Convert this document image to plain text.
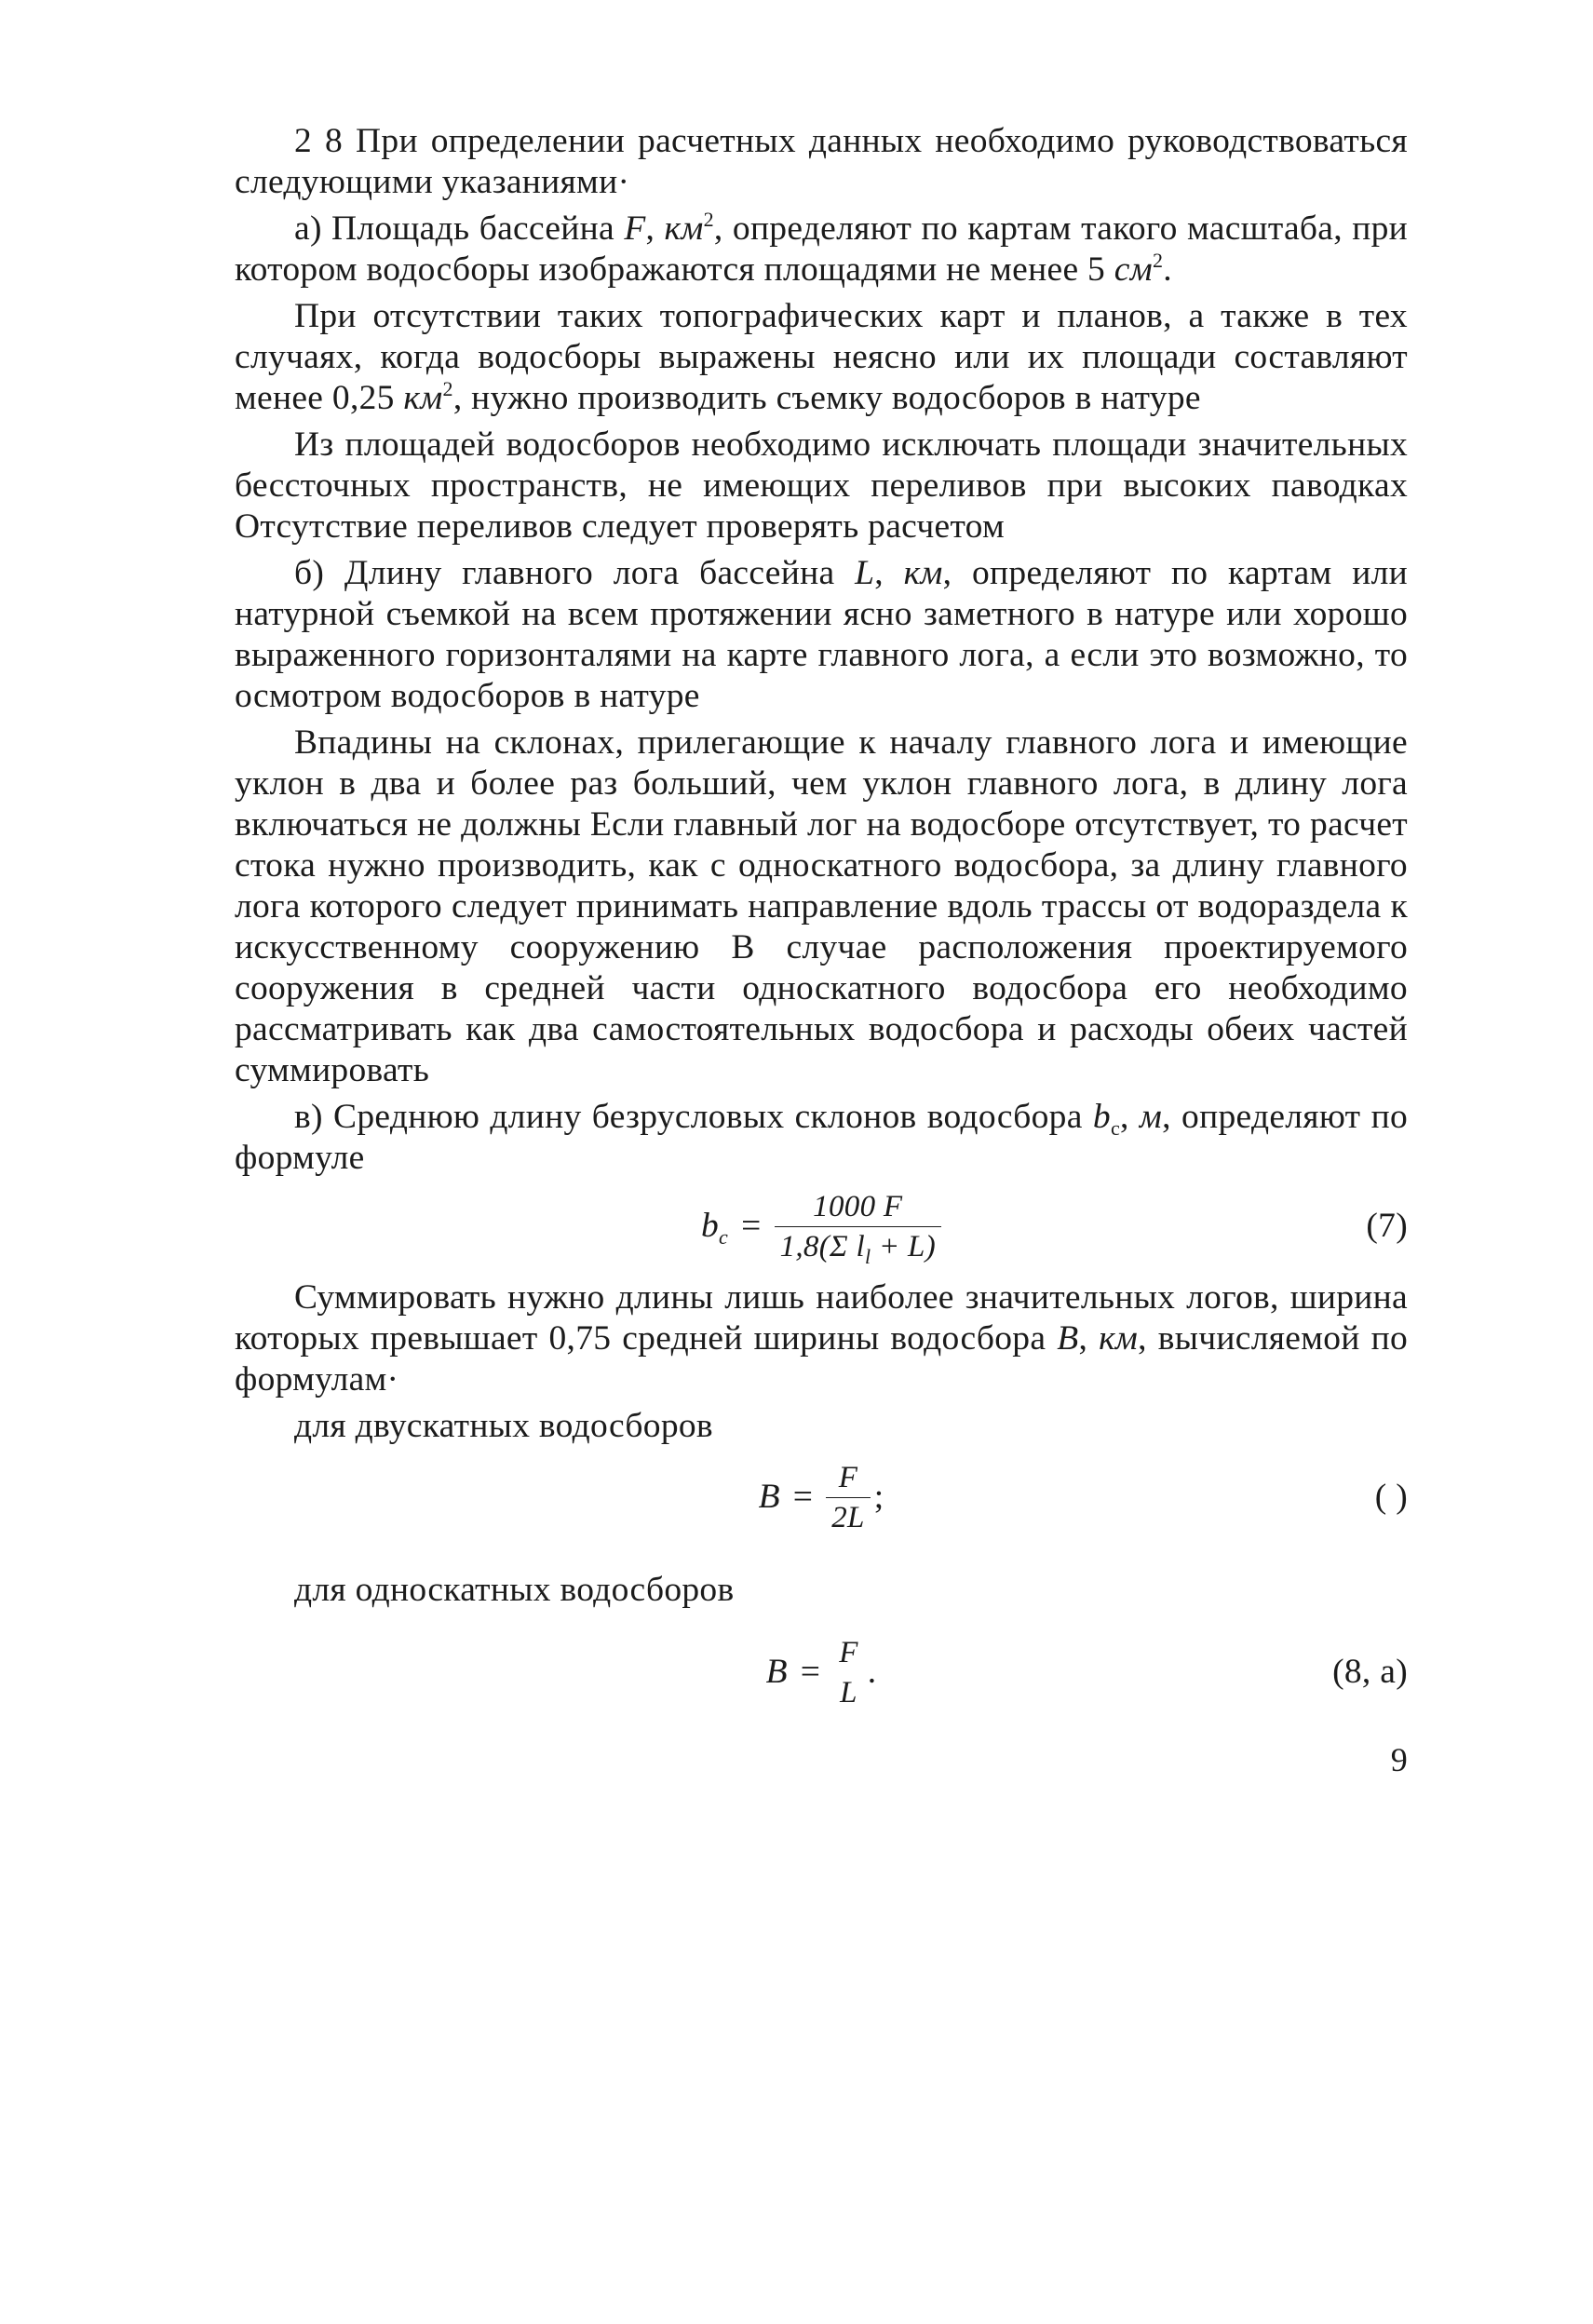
2 8 При определении расчетных данных необходимо руководствоваться следующими указаниями·

а) Площадь бассейна F, $км^2$, определяют по картам такого масштаба, при котором водосборы изображаются площадями не менее 5 $см^2$.

При отсутствии таких топографических карт и планов, а также в тех случаях, когда водосборы выражены неясно или их площади составляют менее 0,25 $км^2$, нужно производить съемку водосборов в натуре

Из площадей водосборов необходимо исключать площади значительных бессточных пространств, не имеющих переливов при высоких паводках Отсутствие переливов следует проверять расчетом

б) Длину главного лога бассейна L, км, определяют по картам или натурной съемкой на всем протяжении ясно заметного в натуре или хорошо выраженного горизонталями на карте главного лога, а если это возможно, то осмотром водосборов в натуре

Впадины на склонах, прилегающие к началу главного лога и имеющие уклон в два и более раз больший, чем уклон главного лога, в длину лога включаться не должны Если главный лог на водосборе отсутствует, то расчет стока нужно производить, как с односкатного водосбора, за длину главного лога которого следует принимать направление вдоль трассы от водораздела к искусственному сооружению В случае расположения проектируемого сооружения в средней части односкатного водосбора его необходимо рассматривать как два самостоятельных водосбора и расходы обеих частей суммировать

в) Среднюю длину безрусловых склонов водосбора $b_с$, м, определяют по формуле

$b_с = \frac{1000 F}{1,8(\Sigma l_l + L)}$	(7)

Суммировать нужно длины лишь наиболее значительных логов, ширина которых превышает 0,75 средней ширины водосбора B, км, вычисляемой по формулам·

для двускатных водосборов

$B = \frac{F}{2L}$ ;	( )

для односкатных водосборов

B =
F
L
.	(8, а)
9
